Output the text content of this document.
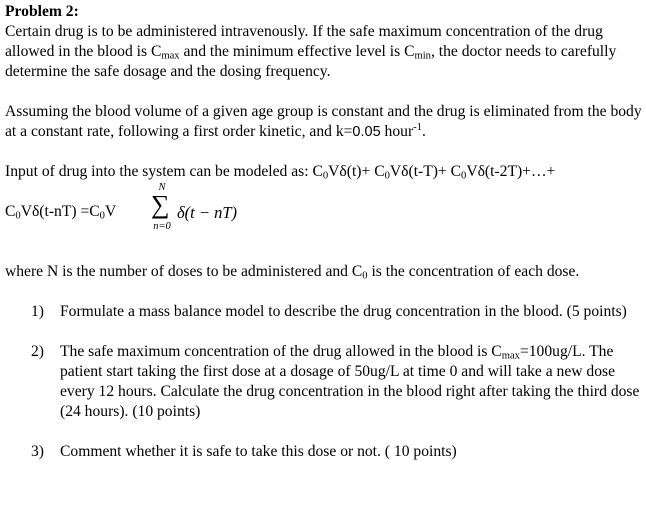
Problem 2:

Certain drug is to be administered intravenously. If the safe maximum concentration of the drug allowed in the blood is $C_{max}$ and the minimum effective level is $C_{min}$, the doctor needs to carefully determine the safe dosage and the dosing frequency.

Assuming the blood volume of a given age group is constant and the drug is eliminated from the body at a constant rate, following a first order kinetic, and k=0.05 hour$^{-1}$.

Input of drug into the system can be modeled as: $C_0V\delta(t)+ C_0V\delta(t-T)+$ $C_0V\delta(t-2T)+\dots+$

$C_0V\delta(t-nT) =C_0V$
N
∑
n=0
δ(t − nT)

where N is the number of doses to be administered and $C_0$ is the concentration of each dose.

1) Formulate a mass balance model to describe the drug concentration in the blood. (5 points)

2) The safe maximum concentration of the drug allowed in the blood is $C_{max}=100ug/L$. The patient start taking the first dose at a dosage of 50ug/L at time 0 and will take a new dose every 12 hours. Calculate the drug concentration in the blood right after taking the third dose (24 hours). (10 points)

3) Comment whether it is safe to take this dose or not. ( 10 points)
